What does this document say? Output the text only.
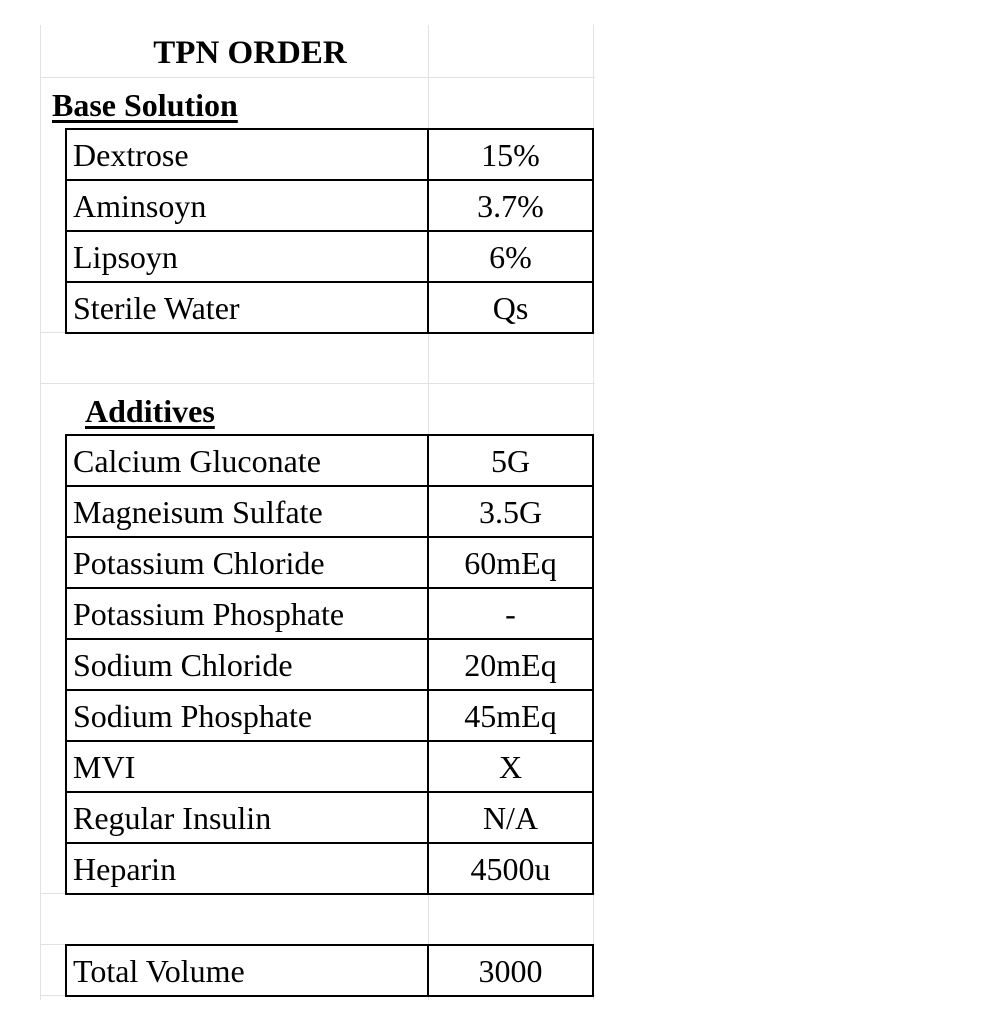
TPN ORDER
Base Solution
Dextrose	15%
Aminsoyn	3.7%
Lipsoyn	6%
Sterile Water	Qs
Additives
Calcium Gluconate	5G
Magneisum Sulfate	3.5G
Potassium Chloride	60mEq
Potassium Phosphate	-
Sodium Chloride	20mEq
Sodium Phosphate	45mEq
MVI	X
Regular Insulin	N/A
Heparin	4500u
Total Volume	3000
